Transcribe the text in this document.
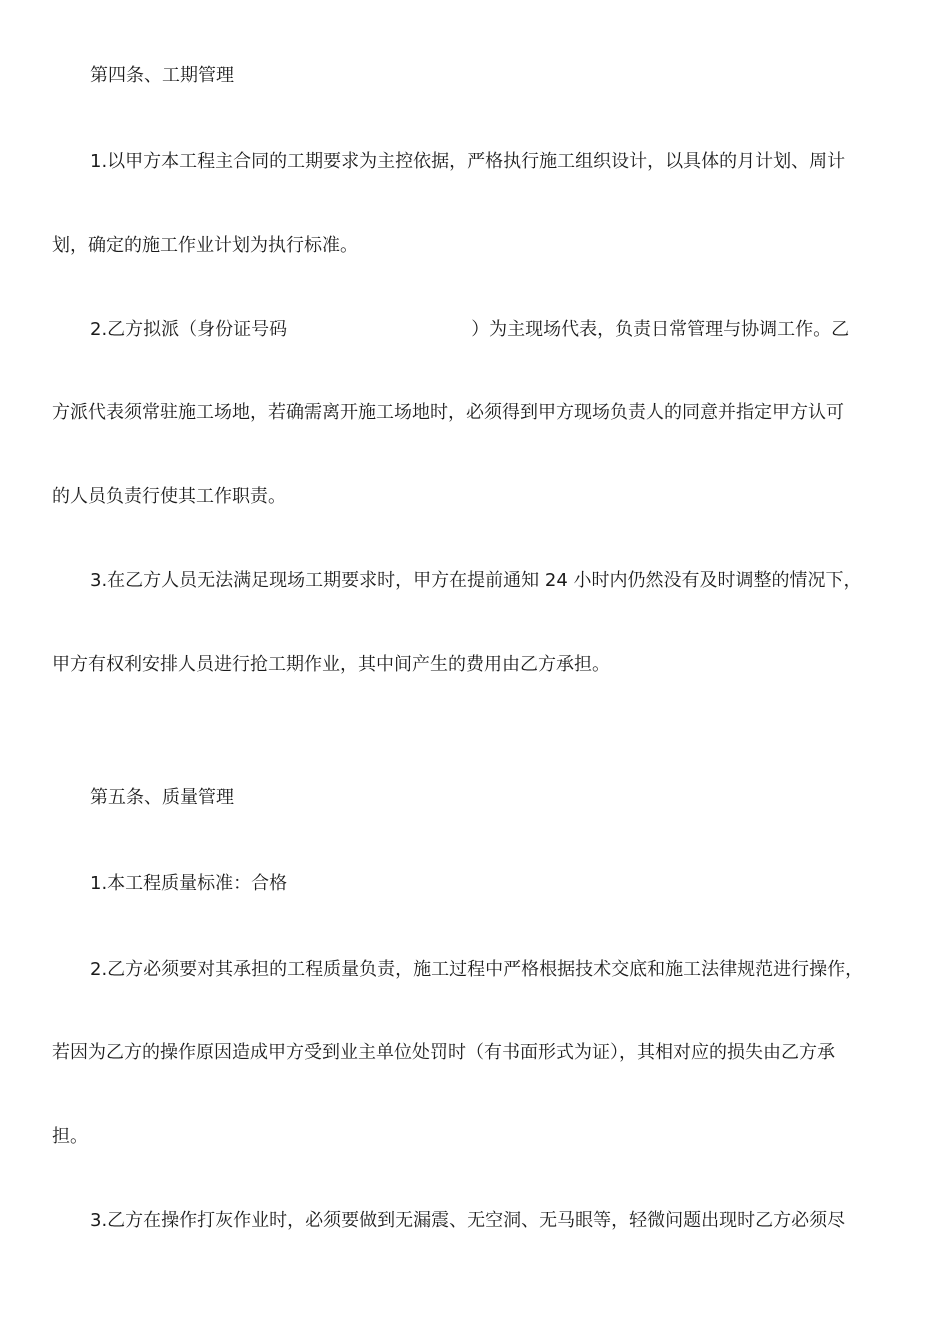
第四条、工期管理
1.以甲方本工程主合同的工期要求为主控依据，严格执行施工组织设计，以具体的月计划、周计
划，确定的施工作业计划为执行标准。
2.乙方拟派（身份证号码	）为主现场代表，负责日常管理与协调工作。乙
方派代表须常驻施工场地，若确需离开施工场地时，必须得到甲方现场负责人的同意并指定甲方认可
的人员负责行使其工作职责。
3.在乙方人员无法满足现场工期要求时，甲方在提前通知 24 小时内仍然没有及时调整的情况下，
甲方有权利安排人员进行抢工期作业，其中间产生的费用由乙方承担。
第五条、质量管理
1.本工程质量标准：合格
2.乙方必须要对其承担的工程质量负责，施工过程中严格根据技术交底和施工法律规范进行操作，
若因为乙方的操作原因造成甲方受到业主单位处罚时（有书面形式为证），其相对应的损失由乙方承
担。
3.乙方在操作打灰作业时，必须要做到无漏震、无空洞、无马眼等，轻微问题出现时乙方必须尽
